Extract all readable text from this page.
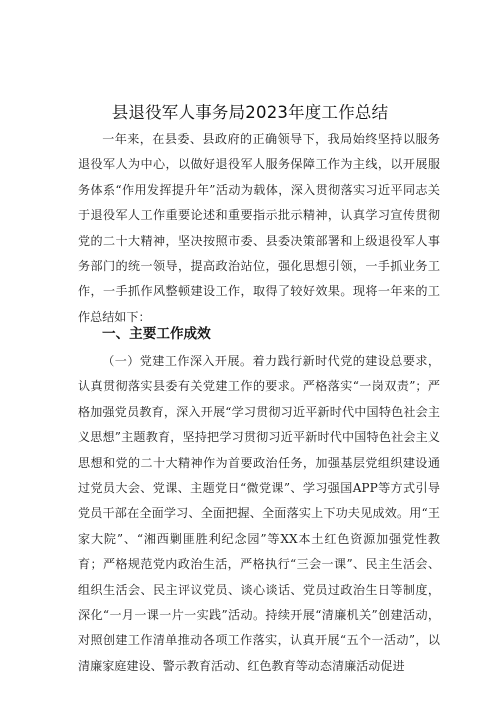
县退役军人事务局2023年度工作总结

一年来，在县委、县政府的正确领导下，我局始终坚持以服务退役军人为中心，以做好退役军人服务保障工作为主线，以开展服务体系“作用发挥提升年”活动为载体，深入贯彻落实习近平同志关于退役军人工作重要论述和重要指示批示精神，认真学习宣传贯彻党的二十大精神，坚决按照市委、县委决策部署和上级退役军人事务部门的统一领导，提高政治站位，强化思想引领，一手抓业务工作，一手抓作风整顿建设工作，取得了较好效果。现将一年来的工作总结如下：

一、主要工作成效

（一）党建工作深入开展。着力践行新时代党的建设总要求，认真贯彻落实县委有关党建工作的要求。严格落实“一岗双责”；严格加强党员教育，深入开展“学习贯彻习近平新时代中国特色社会主义思想”主题教育，坚持把学习贯彻习近平新时代中国特色社会主义思想和党的二十大精神作为首要政治任务，加强基层党组织建设通过党员大会、党课、主题党日“微党课”、学习强国APP等方式引导党员干部在全面学习、全面把握、全面落实上下功夫见成效。用“王家大院”、“湘西剿匪胜利纪念园”等XX本土红色资源加强党性教育；严格规范党内政治生活，严格执行“三会一课”、民主生活会、组织生活会、民主评议党员、谈心谈话、党员过政治生日等制度，深化“一月一课一片一实践”活动。持续开展“清廉机关”创建活动，对照创建工作清单推动各项工作落实，认真开展“五个一活动”，以清廉家庭建设、警示教育活动、红色教育等动态清廉活动促进
